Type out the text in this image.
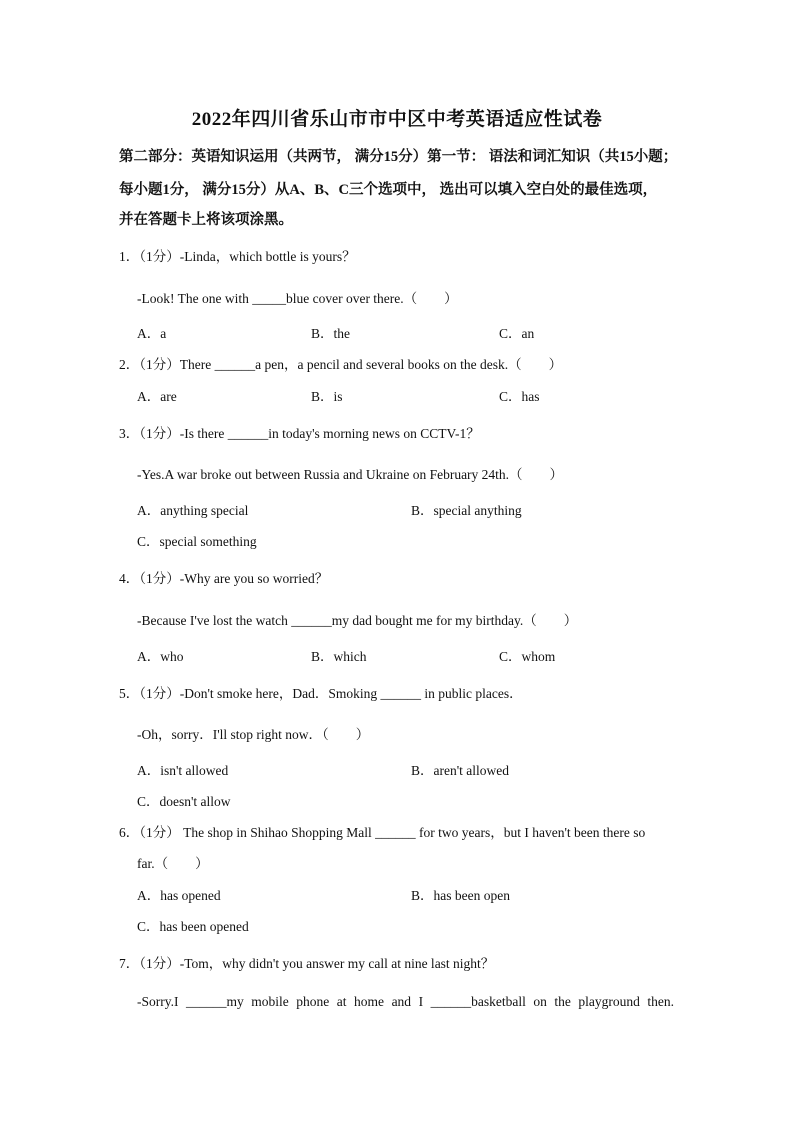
2022年四川省乐山市市中区中考英语适应性试卷
第二部分：英语知识运用（共两节， 满分15分）第一节： 语法和词汇知识（共15小题；
每小题1分， 满分15分）从A、B、C三个选项中， 选出可以填入空白处的最佳选项，
并在答题卡上将该项涂黑。
1．（1分）-Linda，which bottle is yours？
-Look! The one with _____blue cover over there.（　　）
A．a	B．the	C．an
2．（1分）There ______a pen，a pencil and several books on the desk.（　　）
A．are	B．is	C．has
3．（1分）-Is there ______in today's morning news on CCTV-1？
-Yes.A war broke out between Russia and Ukraine on February 24th.（　　）
A．anything special	B．special anything
C．special something
4．（1分）-Why are you so worried？
-Because I've lost the watch ______my dad bought me for my birthday.（　　）
A．who	B．which	C．whom
5．（1分）-Don't smoke here，Dad．Smoking ______ in public places．
-Oh，sorry．I'll stop right now．（　　）
A．isn't allowed	B．aren't allowed
C．doesn't allow
6．（1分） The shop in Shihao Shopping Mall ______ for two years，but I haven't been there so
far.（　　）
A．has opened	B．has been open
C．has been opened
7．（1分）-Tom，why didn't you answer my call at nine last night？
-Sorry.I ______my mobile phone at home and I ______basketball on the playground then.
